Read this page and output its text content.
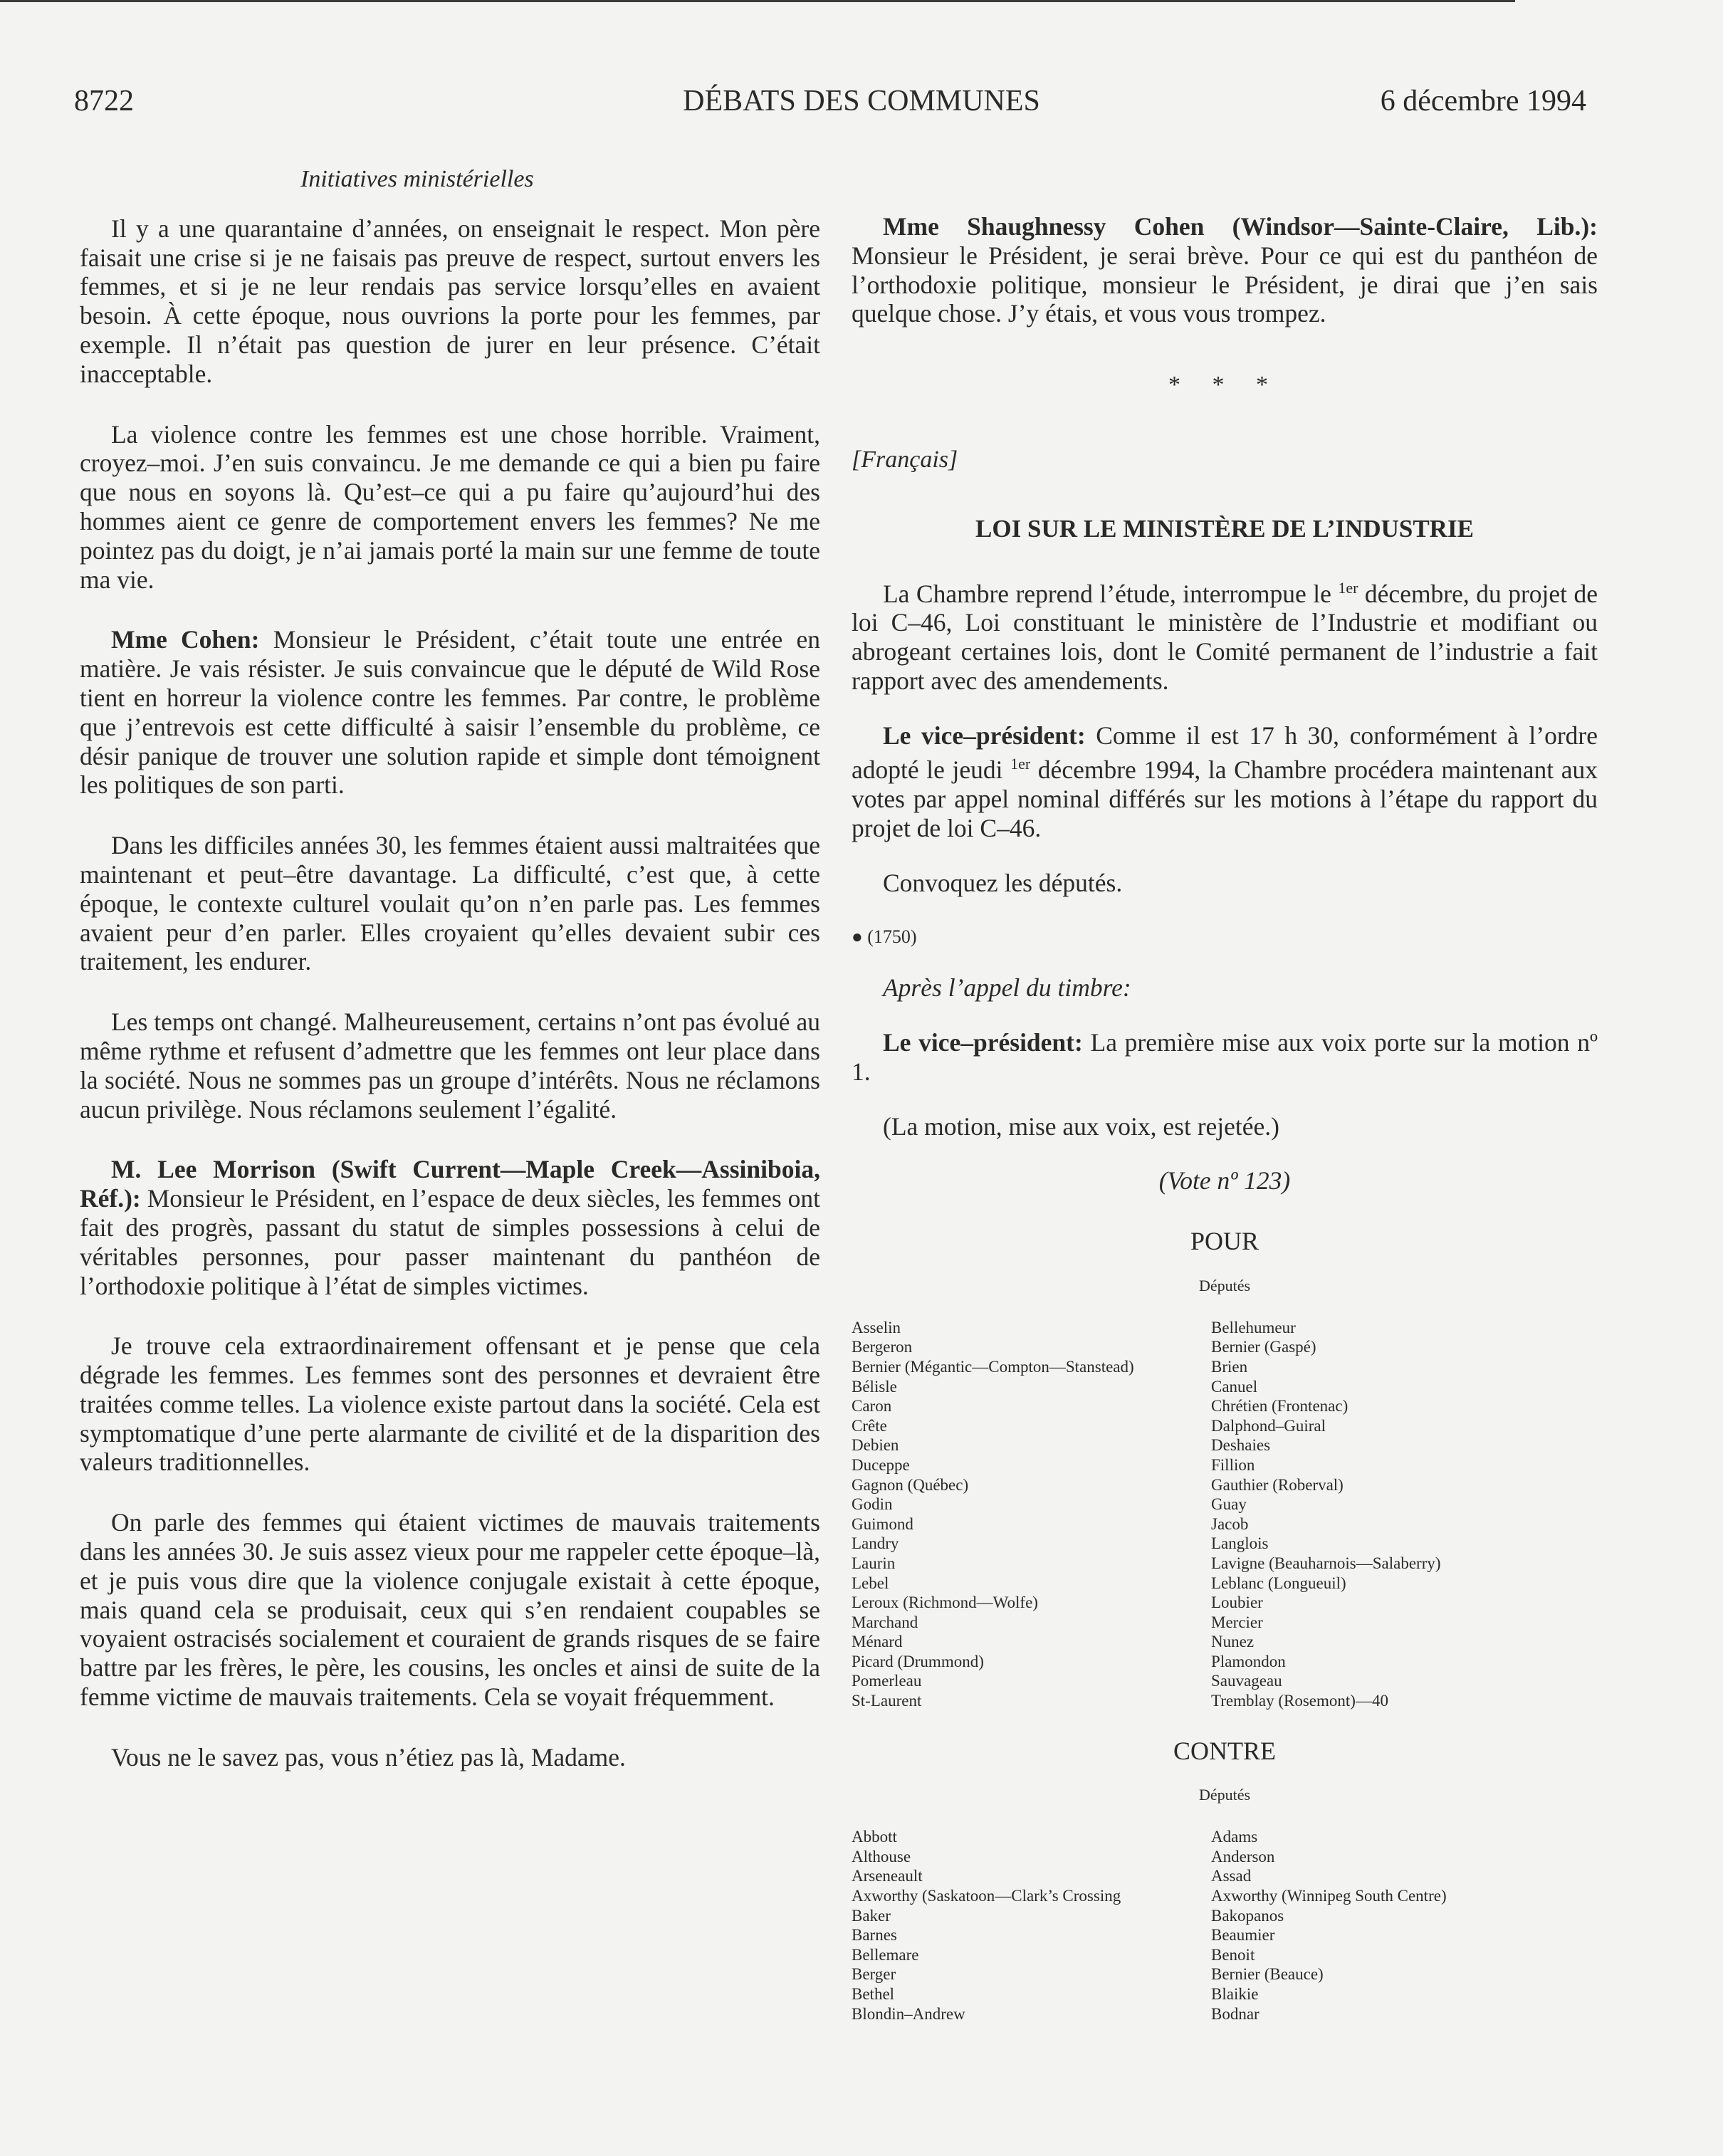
8722	DÉBATS DES COMMUNES	6 décembre 1994
Initiatives ministérielles

Il y a une quarantaine d’années, on enseignait le respect. Mon père faisait une crise si je ne faisais pas preuve de respect, surtout envers les femmes, et si je ne leur rendais pas service lorsqu’elles en avaient besoin. À cette époque, nous ouvrions la porte pour les femmes, par exemple. Il n’était pas question de jurer en leur présence. C’était inacceptable.

La violence contre les femmes est une chose horrible. Vraiment, croyez–moi. J’en suis convaincu. Je me demande ce qui a bien pu faire que nous en soyons là. Qu’est–ce qui a pu faire qu’aujourd’hui des hommes aient ce genre de comportement envers les femmes? Ne me pointez pas du doigt, je n’ai jamais porté la main sur une femme de toute ma vie.

Mme Cohen: Monsieur le Président, c’était toute une entrée en matière. Je vais résister. Je suis convaincue que le député de Wild Rose tient en horreur la violence contre les femmes. Par contre, le problème que j’entrevois est cette difficulté à saisir l’ensemble du problème, ce désir panique de trouver une solution rapide et simple dont témoignent les politiques de son parti.

Dans les difficiles années 30, les femmes étaient aussi maltraitées que maintenant et peut–être davantage. La difficulté, c’est que, à cette époque, le contexte culturel voulait qu’on n’en parle pas. Les femmes avaient peur d’en parler. Elles croyaient qu’elles devaient subir ces traitement, les endurer.

Les temps ont changé. Malheureusement, certains n’ont pas évolué au même rythme et refusent d’admettre que les femmes ont leur place dans la société. Nous ne sommes pas un groupe d’intérêts. Nous ne réclamons aucun privilège. Nous réclamons seulement l’égalité.

M. Lee Morrison (Swift Current—Maple Creek—Assiniboia, Réf.): Monsieur le Président, en l’espace de deux siècles, les femmes ont fait des progrès, passant du statut de simples possessions à celui de véritables personnes, pour passer maintenant du panthéon de l’orthodoxie politique à l’état de simples victimes.

Je trouve cela extraordinairement offensant et je pense que cela dégrade les femmes. Les femmes sont des personnes et devraient être traitées comme telles. La violence existe partout dans la société. Cela est symptomatique d’une perte alarmante de civilité et de la disparition des valeurs traditionnelles.

On parle des femmes qui étaient victimes de mauvais traitements dans les années 30. Je suis assez vieux pour me rappeler cette époque–là, et je puis vous dire que la violence conjugale existait à cette époque, mais quand cela se produisait, ceux qui s’en rendaient coupables se voyaient ostracisés socialement et couraient de grands risques de se faire battre par les frères, le père, les cousins, les oncles et ainsi de suite de la femme victime de mauvais traitements. Cela se voyait fréquemment.

Vous ne le savez pas, vous n’étiez pas là, Madame.

Mme Shaughnessy Cohen (Windsor—Sainte-Claire, Lib.): Monsieur le Président, je serai brève. Pour ce qui est du panthéon de l’orthodoxie politique, monsieur le Président, je dirai que j’en sais quelque chose. J’y étais, et vous vous trompez.

* * *
[Français]
LOI SUR LE MINISTÈRE DE L’INDUSTRIE

La Chambre reprend l’étude, interrompue le $^{1er}$ décembre, du projet de loi C–46, Loi constituant le ministère de l’Industrie et modifiant ou abrogeant certaines lois, dont le Comité permanent de l’industrie a fait rapport avec des amendements.

Le vice–président: Comme il est 17 h 30, conformément à l’ordre adopté le jeudi $^{1er}$ décembre 1994, la Chambre procédera maintenant aux votes par appel nominal différés sur les motions à l’étape du rapport du projet de loi C–46.

Convoquez les députés.

● (1750)

Après l’appel du timbre:

Le vice–président: La première mise aux voix porte sur la motion nº 1.

(La motion, mise aux voix, est rejetée.)

(Vote nº 123)
POUR
Députés
Asselin
Bergeron
Bernier (Mégantic—Compton—Stanstead)
Bélisle
Caron
Crête
Debien
Duceppe
Gagnon (Québec)
Godin
Guimond
Landry
Laurin
Lebel
Leroux (Richmond—Wolfe)
Marchand
Ménard
Picard (Drummond)
Pomerleau
St-Laurent
Bellehumeur
Bernier (Gaspé)
Brien
Canuel
Chrétien (Frontenac)
Dalphond–Guiral
Deshaies
Fillion
Gauthier (Roberval)
Guay
Jacob
Langlois
Lavigne (Beauharnois—Salaberry)
Leblanc (Longueuil)
Loubier
Mercier
Nunez
Plamondon
Sauvageau
Tremblay (Rosemont)—40
CONTRE
Députés
Abbott
Althouse
Arseneault
Axworthy (Saskatoon—Clark’s Crossing
Baker
Barnes
Bellemare
Berger
Bethel
Blondin–Andrew
Adams
Anderson
Assad
Axworthy (Winnipeg South Centre)
Bakopanos
Beaumier
Benoit
Bernier (Beauce)
Blaikie
Bodnar
